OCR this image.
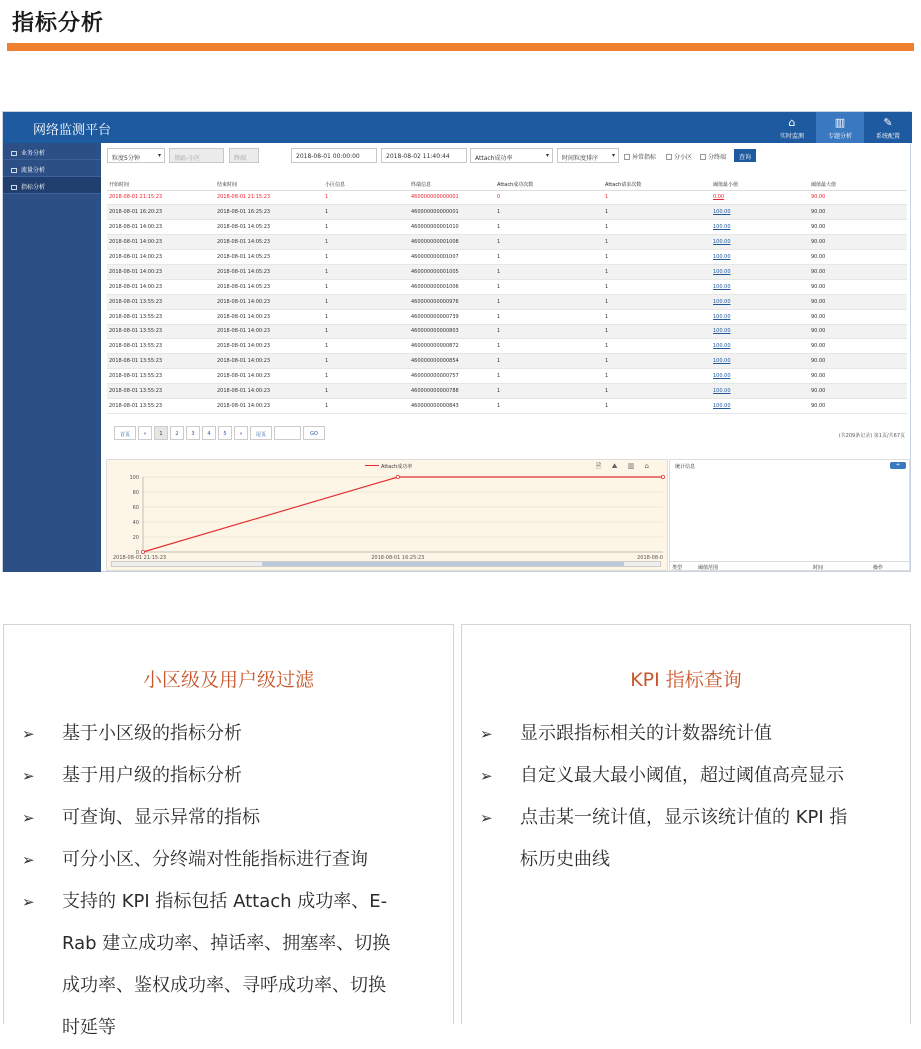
指标分析
网络监测平台
⌂
实时监测
▥
专题分析
✎
系统配置
业务分析
流量分析
指标分析
粒度5分钟 ▾	基站-小区	终端	2018-08-01 00:00:00	2018-08-02 11:40:44	Attach成功率 ▾	时间粒度排序 ▾	异常指标	分小区	分终端	查询
开始时间	结束时间	小区信息	终端信息	Attach成功次数	Attach请求次数	阈值最小值	阈值最大值
2018-08-01 21:15:23	2018-08-01 21:15:23	1	460000000000001	0	1	0.00	90.00
2018-08-01 16:20:23	2018-08-01 16:25:23	1	460000000000001	1	1	100.00	90.00
2018-08-01 14:00:23	2018-08-01 14:05:23	1	460000000001010	1	1	100.00	90.00
2018-08-01 14:00:23	2018-08-01 14:05:23	1	460000000001008	1	1	100.00	90.00
2018-08-01 14:00:23	2018-08-01 14:05:23	1	460000000001007	1	1	100.00	90.00
2018-08-01 14:00:23	2018-08-01 14:05:23	1	460000000001005	1	1	100.00	90.00
2018-08-01 14:00:23	2018-08-01 14:05:23	1	460000000001006	1	1	100.00	90.00
2018-08-01 13:55:23	2018-08-01 14:00:23	1	460000000000976	1	1	100.00	90.00
2018-08-01 13:55:23	2018-08-01 14:00:23	1	460000000000739	1	1	100.00	90.00
2018-08-01 13:55:23	2018-08-01 14:00:23	1	460000000000803	1	1	100.00	90.00
2018-08-01 13:55:23	2018-08-01 14:00:23	1	460000000000872	1	1	100.00	90.00
2018-08-01 13:55:23	2018-08-01 14:00:23	1	460000000000854	1	1	100.00	90.00
2018-08-01 13:55:23	2018-08-01 14:00:23	1	460000000000757	1	1	100.00	90.00
2018-08-01 13:55:23	2018-08-01 14:00:23	1	460000000000788	1	1	100.00	90.00
2018-08-01 13:55:23	2018-08-01 14:00:23	1	460000000000843	1	1	100.00	90.00
首页	«	1	2	3	4	5	»	尾页	GO	(共209条记录) 第1页/共67页
0
20
40
60
80
100
2018-08-01 21:15:23	2018-08-01 16:25:23	2018-08-0
Attach成功率	🖹 ⛰ ▥ ⌂	统计信息	+
类型	阈值范围	时间	操作
小区级及用户级过滤
➢ 基于小区级的指标分析
➢ 基于用户级的指标分析
➢ 可查询、显示异常的指标
➢ 可分小区、分终端对性能指标进行查询
➢ 支持的 KPI 指标包括 Attach 成功率、E-
Rab 建立成功率、掉话率、拥塞率、切换
成功率、鉴权成功率、寻呼成功率、切换
时延等
KPI 指标查询
➢ 显示跟指标相关的计数器统计值
➢ 自定义最大最小阈值，超过阈值高亮显示
➢ 点击某一统计值，显示该统计值的 KPI 指
标历史曲线
